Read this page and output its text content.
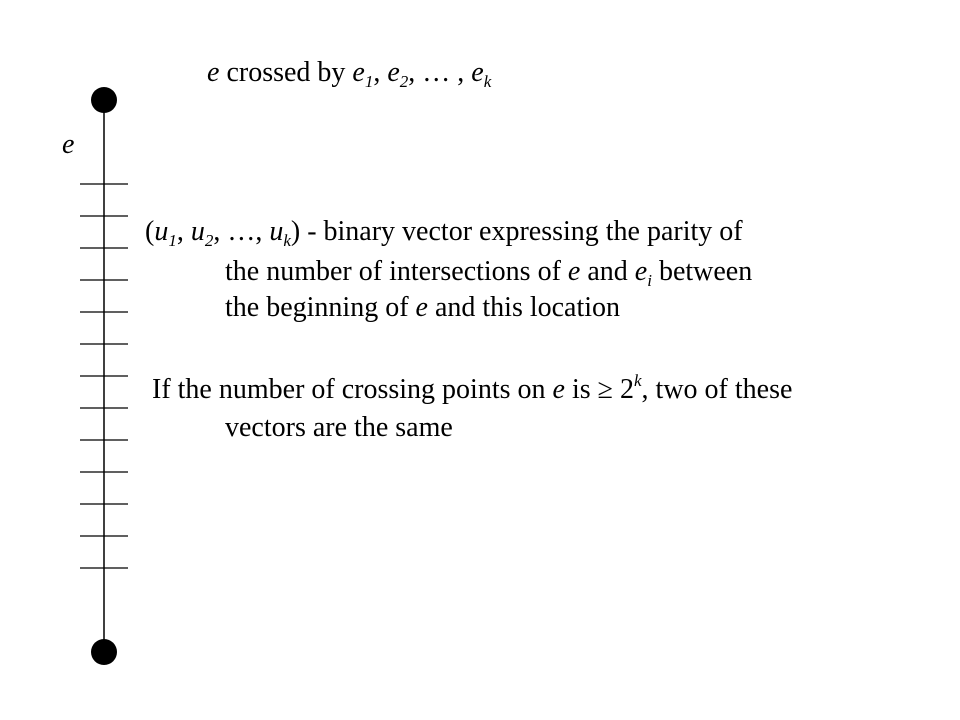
e crossed by $e_1$, $e_2$, … , $e_k$
e
($u_1$, $u_2$, …, $u_k$) - binary vector expressing the parity of
the number of intersections of e and $e_i$ between
the beginning of e and this location
If the number of crossing points on e is ≥ $2^k$, two of these
vectors are the same
